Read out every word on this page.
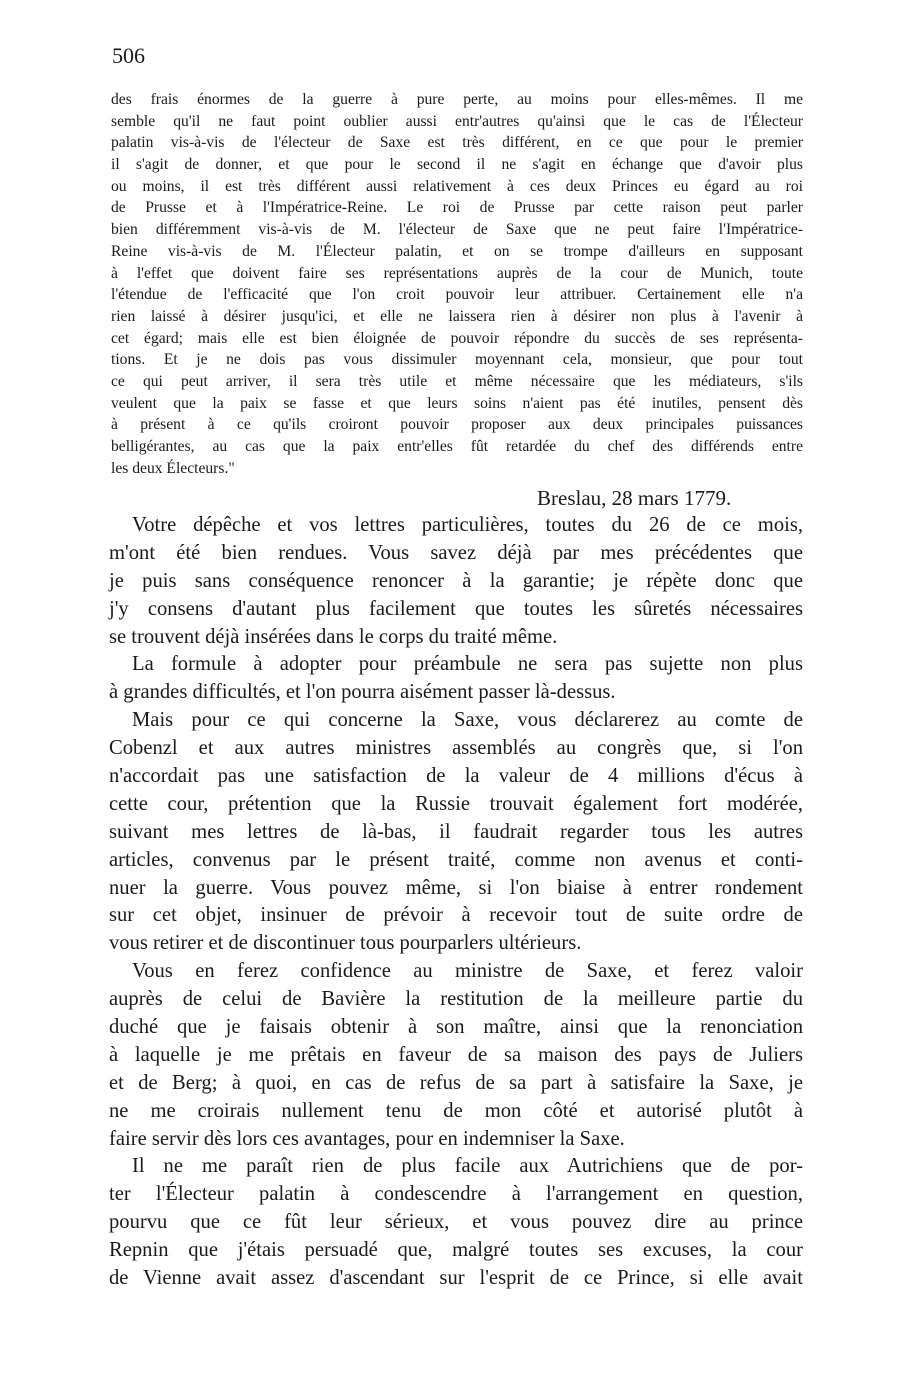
506
des frais énormes de la guerre à pure perte, au moins pour elles-mêmes. Il me
semble qu'il ne faut point oublier aussi entr'autres qu'ainsi que le cas de l'Électeur
palatin vis-à-vis de l'électeur de Saxe est très différent, en ce que pour le premier
il s'agit de donner, et que pour le second il ne s'agit en échange que d'avoir plus
ou moins, il est très différent aussi relativement à ces deux Princes eu égard au roi
de Prusse et à l'Impératrice-Reine. Le roi de Prusse par cette raison peut parler
bien différemment vis-à-vis de M. l'électeur de Saxe que ne peut faire l'Impératrice-
Reine vis-à-vis de M. l'Électeur palatin, et on se trompe d'ailleurs en supposant
à l'effet que doivent faire ses représentations auprès de la cour de Munich, toute
l'étendue de l'efficacité que l'on croit pouvoir leur attribuer. Certainement elle n'a
rien laissé à désirer jusqu'ici, et elle ne laissera rien à désirer non plus à l'avenir à
cet égard; mais elle est bien éloignée de pouvoir répondre du succès de ses représenta-
tions. Et je ne dois pas vous dissimuler moyennant cela, monsieur, que pour tout
ce qui peut arriver, il sera très utile et même nécessaire que les médiateurs, s'ils
veulent que la paix se fasse et que leurs soins n'aient pas été inutiles, pensent dès
à présent à ce qu'ils croiront pouvoir proposer aux deux principales puissances
belligérantes, au cas que la paix entr'elles fût retardée du chef des différends entre
les deux Électeurs."
Breslau, 28 mars 1779.
Votre dépêche et vos lettres particulières, toutes du 26 de ce mois,
m'ont été bien rendues. Vous savez déjà par mes précédentes que
je puis sans conséquence renoncer à la garantie; je répète donc que
j'y consens d'autant plus facilement que toutes les sûretés nécessaires
se trouvent déjà insérées dans le corps du traité même.
La formule à adopter pour préambule ne sera pas sujette non plus
à grandes difficultés, et l'on pourra aisément passer là-dessus.
Mais pour ce qui concerne la Saxe, vous déclarerez au comte de
Cobenzl et aux autres ministres assemblés au congrès que, si l'on
n'accordait pas une satisfaction de la valeur de 4 millions d'écus à
cette cour, prétention que la Russie trouvait également fort modérée,
suivant mes lettres de là-bas, il faudrait regarder tous les autres
articles, convenus par le présent traité, comme non avenus et conti-
nuer la guerre. Vous pouvez même, si l'on biaise à entrer rondement
sur cet objet, insinuer de prévoir à recevoir tout de suite ordre de
vous retirer et de discontinuer tous pourparlers ultérieurs.
Vous en ferez confidence au ministre de Saxe, et ferez valoir
auprès de celui de Bavière la restitution de la meilleure partie du
duché que je faisais obtenir à son maître, ainsi que la renonciation
à laquelle je me prêtais en faveur de sa maison des pays de Juliers
et de Berg; à quoi, en cas de refus de sa part à satisfaire la Saxe, je
ne me croirais nullement tenu de mon côté et autorisé plutôt à
faire servir dès lors ces avantages, pour en indemniser la Saxe.
Il ne me paraît rien de plus facile aux Autrichiens que de por-
ter l'Électeur palatin à condescendre à l'arrangement en question,
pourvu que ce fût leur sérieux, et vous pouvez dire au prince
Repnin que j'étais persuadé que, malgré toutes ses excuses, la cour
de Vienne avait assez d'ascendant sur l'esprit de ce Prince, si elle avait
